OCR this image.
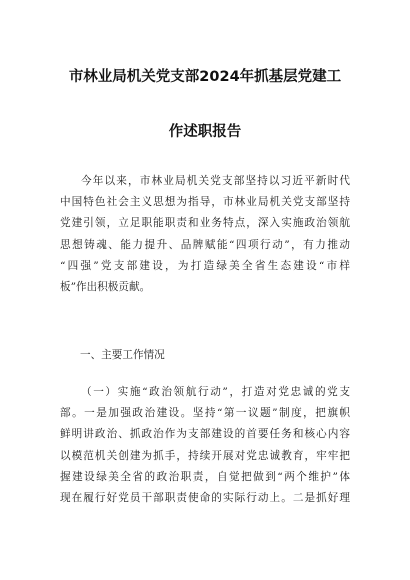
市林业局机关党支部2024年抓基层党建工
作述职报告
今年以来，市林业局机关党支部坚持以习近平新时代
中国特色社会主义思想为指导，市林业局机关党支部坚持
党建引领，立足职能职责和业务特点，深入实施政治领航
思想铸魂、能力提升、品牌赋能“四项行动”，有力推动
“四强”党支部建设，为打造绿美全省生态建设“市样
板”作出积极贡献。
一、主要工作情况
（一）实施“政治领航行动”，打造对党忠诚的党支
部。一是加强政治建设。坚持“第一议题”制度，把旗帜
鲜明讲政治、抓政治作为支部建设的首要任务和核心内容
以模范机关创建为抓手，持续开展对党忠诚教育，牢牢把
握建设绿美全省的政治职责，自觉把做到“两个维护”体
现在履行好党员干部职责使命的实际行动上。二是抓好理
